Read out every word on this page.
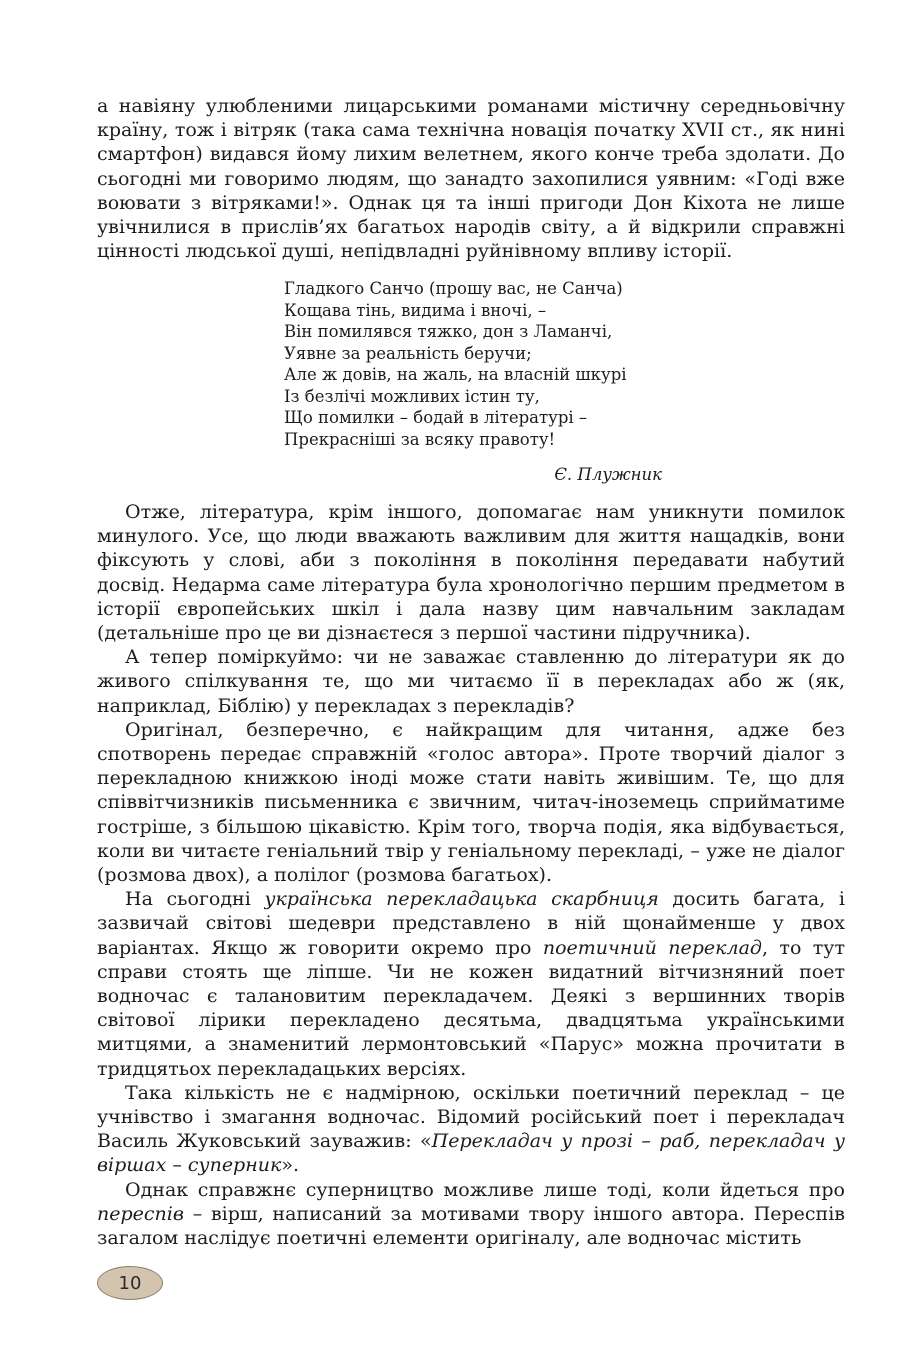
а навіяну улюбленими лицарськими романами містичну середньовічну країну, тож і вітряк (така сама технічна новація початку XVII ст., як нині смартфон) видався йому лихим велетнем, якого конче треба здолати. До сьогодні ми говоримо людям, що занадто захопилися уявним: «Годі вже воювати з вітряками!». Однак ця та інші пригоди Дон Кіхота не лише увічнилися в прислів’ях багатьох народів світу, а й відкрили справжні цінності людської душі, непідвладні руйнівному впливу історії.

Гладкого Санчо (прошу вас, не Санча)
Кощава тінь, видима і вночі, –
Він помилявся тяжко, дон з Ламанчі,
Уявне за реальність беручи;
Але ж довів, на жаль, на власній шкурі
Із безлічі можливих істин ту,
Що помилки – бодай в літературі –
Прекрасніші за всяку правоту!
Є. Плужник

Отже, література, крім іншого, допомагає нам уникнути помилок минулого. Усе, що люди вважають важливим для життя нащадків, вони фіксують у слові, аби з покоління в покоління передавати набутий досвід. Недарма саме література була хронологічно першим предметом в історії європейських шкіл і дала назву цим навчальним закладам (детальніше про це ви дізнаєтеся з першої частини підручника).

А тепер поміркуймо: чи не заважає ставленню до літератури як до живого спілкування те, що ми читаємо її в перекладах або ж (як, наприклад, Біблію) у перекладах з перекладів?

Оригінал, безперечно, є найкращим для читання, адже без спотворень передає справжній «голос автора». Проте творчий діалог з перекладною книжкою іноді може стати навіть живішим. Те, що для співвітчизників письменника є звичним, читач-іноземець сприйматиме гостріше, з більшою цікавістю. Крім того, творча подія, яка відбувається, коли ви читаєте геніальний твір у геніальному перекладі, – уже не діалог (розмова двох), а полілог (розмова багатьох).

На сьогодні українська перекладацька скарбниця досить багата, і зазвичай світові шедеври представлено в ній щонайменше у двох варіантах. Якщо ж говорити окремо про поетичний переклад, то тут справи стоять ще ліпше. Чи не кожен видатний вітчизняний поет водночас є талановитим перекладачем. Деякі з вершинних творів світової лірики перекладено десятьма, двадцятьма українськими митцями, а знаменитий лермонтовський «Парус» можна прочитати в тридцятьох перекладацьких версіях.

Така кількість не є надмірною, оскільки поетичний переклад – це учнівство і змагання водночас. Відомий російський поет і перекладач Василь Жуковський зауважив: «Перекладач у прозі – раб, перекладач у віршах – суперник».

Однак справжнє суперництво можливе лише тоді, коли йдеться про переспів – вірш, написаний за мотивами твору іншого автора. Переспів загалом наслідує поетичні елементи оригіналу, але водночас містить

10
